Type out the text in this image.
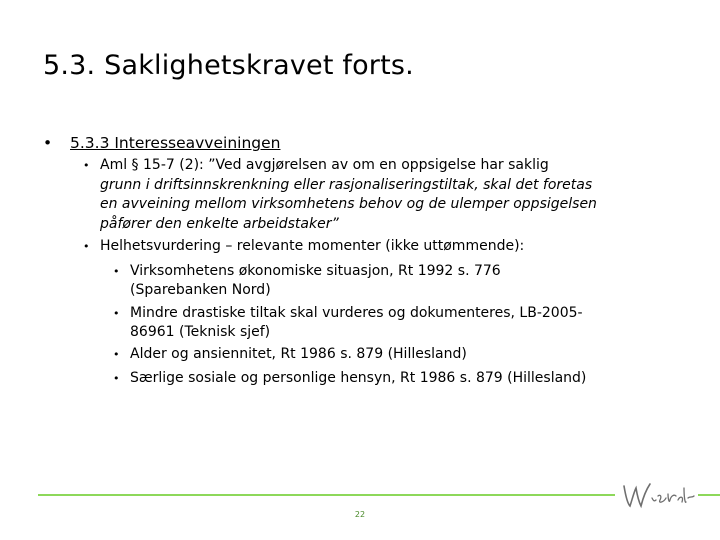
5.3. Saklighetskravet forts.
• 5.3.3 Interesseavveiningen
• Aml § 15-7 (2): ”Ved avgjørelsen av om en oppsigelse har saklig
grunn i driftsinnskrenkning eller rasjonaliseringstiltak, skal det foretas
en avveining mellom virksomhetens behov og de ulemper oppsigelsen
påfører den enkelte arbeidstaker”
• Helhetsvurdering – relevante momenter (ikke uttømmende):
• Virksomhetens økonomiske situasjon, Rt 1992 s. 776
(Sparebanken Nord)
• Mindre drastiske tiltak skal vurderes og dokumenteres, LB-2005-
86961 (Teknisk sjef)
• Alder og ansiennitet, Rt 1986 s. 879 (Hillesland)
• Særlige sosiale og personlige hensyn, Rt 1986 s. 879 (Hillesland)
22
